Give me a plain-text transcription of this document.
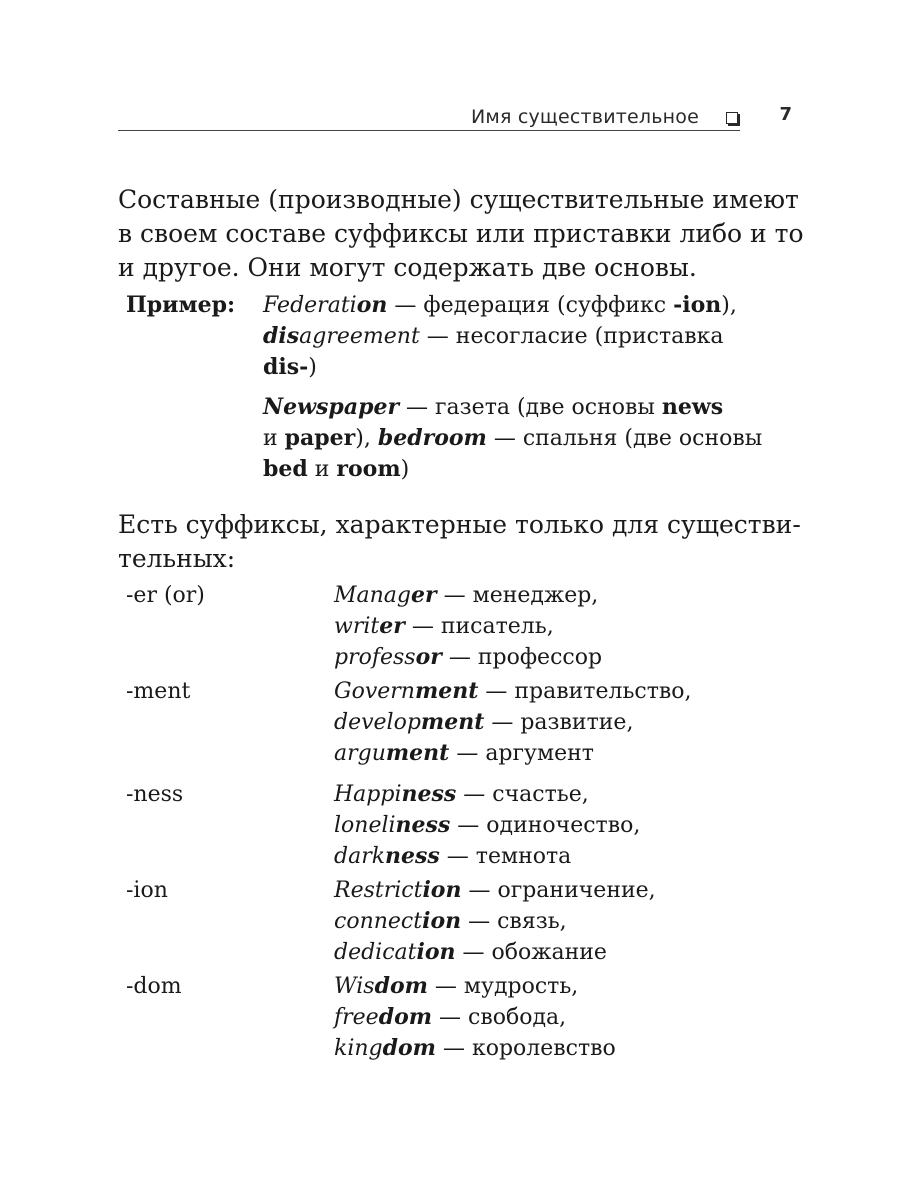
Имя существительное	7
Составные (производные) существительные имеют
в своем составе суффиксы или приставки либо и то
и другое. Они могут содержать две основы.
Пример: Federation — федерация (суффикс -ion),
disagreement — несогласие (приставка
dis-)
Newspaper — газета (две основы news
и paper), bedroom — спальня (две основы
bed и room)
Есть суффиксы, характерные только для существи-
тельных:
-er (or)	Manager — менеджер,
writer — писатель,
professor — профессор
-ment	Government — правительство,
development — развитие,
argument — аргумент
-ness	Happiness — счастье,
loneliness — одиночество,
darkness — темнота
-ion	Restriction — ограничение,
connection — связь,
dedication — обожание
-dom	Wisdom — мудрость,
freedom — свобода,
kingdom — королевство
